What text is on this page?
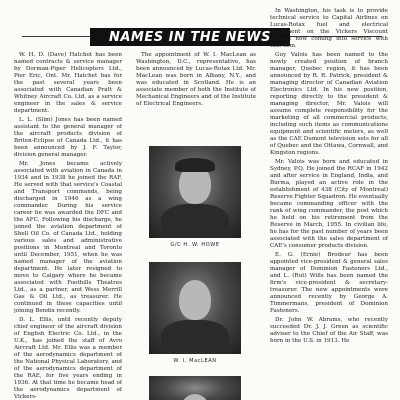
NAMES IN THE NEWS

W. H. D. (Dave) Hatchet has been named contracts & service manager by Dorman-Piper Helicopters Ltd., Pier Eric, Ont. Mr. Hatchet has for the past several years been associated with Canadian Pratt & Whitney Aircraft Co. Ltd. as a service engineer in the sales & service department.

L. L. (Slim) Jones has been named assistant to the general manager of the aircraft products division of Briten-Eclipse of Canada Ltd., it has been announced by J. F. Taylor, division general manager.

Mr. Jones became actively associated with aviation in Canada in 1934 and in 1938 he joined the RAF. He served with that service's Coastal and Transport commands, being discharged in 1946 as a wing commander. During his service career he was awarded the DFC and the AFC. Following his discharge, he joined the aviation department of Shell Oil Co. of Canada Ltd., holding various sales and administrative positions in Montreal and Toronto until December, 1951, when he was named manager of the aviation department. He later resigned to move to Calgary where he became associated with Foothills Theatres Ltd., as a partner, and Wess Merrill Gas & Oil Ltd., as treasurer. He continued in these capacities until joining Bendix recently.

D. L. Ellis, until recently deputy chief engineer of the aircraft division of English Electric Co. Ltd., in the U.K., has joined the staff of Avro Aircraft Ltd. Mr. Ellis was a member of the aerodynamics department of the National Physical Laboratory, and of the aerodynamics department of the RAE, for five years ending in 1936. At that time he became head of the aerodynamics department of Vickers-

The appointment of W. I. MacLean as Washington, D.C., representative, has been announced by Lucas-Rotax Ltd. Mr. MacLean was born in Albany, N.Y., and was educated in Scotland. He is an associate member of both the Institute of Mechanical Engineers and of the Institute of Electrical Engineers.

G/C H. W. HOWE
W. I. MacLEAN

In Washington, his task is to provide technical service to Capital Airlines on Lucas-Rotax fuel and electrical equipment on the Vickers Viscount aircraft now coming into service with that firm.

Guy Valois has been named to the newly created position of branch manager, Quebec region, it has been announced by R. R. Patrick, president & managing director of Canadian Aviation Electronics Ltd. In his new position, reporting directly to the president & managing director, Mr. Valois will assume complete responsibility for the marketing of all commercial products, including such items as communications equipment and scientific meters, as well as the CAE Dumont television sets for all of Quebec and the Ottawa, Cornwall, and Kingston regions.

Mr. Valois was born and educated in Sydney, P.Q. He joined the RCAF in 1942 and after service in England, India, and Burma, played an active role in the establishment of 438 (City of Montreal) Reserve Fighter Squadron. He eventually became commanding officer with the rank of wing commander, the post which he held on his retirement from the Reserve in March, 1955. In civilian life, he has for the past number of years been associated with the sales department of CAE's consumer products division.

E. G. (Ernie) Brodeur has been appointed vice-president & general sales manager of Dominion Fasteners Ltd., and L. (Rut) Wills has been named the firm's vice-president & secretary-treasurer. The new appointments were announced recently by George A. Timmermans, president of Dominion Fasteners.

Dr. John W. Abrams, who recently succeeded Dr. J. J. Green as scientific adviser to the Chief of the Air Staff, was born in the U.S. in 1913. He
